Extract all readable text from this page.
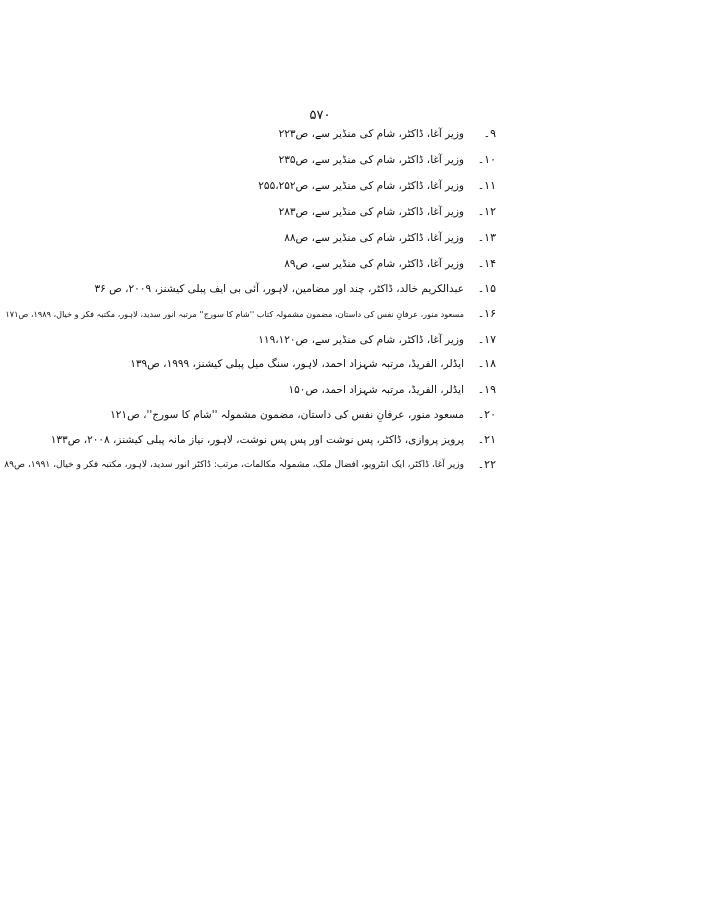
۵۷۰
۹۔
وزیر آغا، ڈاکٹر، شام کی منڈیر سے، ص۲۲۳
۱۰۔
وزیر آغا، ڈاکٹر، شام کی منڈیر سے، ص۲۳۵
۱۱۔
وزیر آغا، ڈاکٹر، شام کی منڈیر سے، ص۲۵۵،۲۵۲
۱۲۔
وزیر آغا، ڈاکٹر، شام کی منڈیر سے، ص۲۸۳
۱۳۔
وزیر آغا، ڈاکٹر، شام کی منڈیر سے، ص۸۸
۱۴۔
وزیر آغا، ڈاکٹر، شام کی منڈیر سے، ص۸۹
۱۵۔
عبدالکریم خالد، ڈاکٹر، چند اور مضامین، لاہور، آئی بی ایف پبلی کیشنز، ۲۰۰۹، ص ۳۶
۱۶۔
مسعود منور، عرفانِ نفس کی داستان، مضمون مشمولہ کتاب ''شام کا سورج'' مرتبہ انور سدید، لاہور، مکتبہ فکر و خیال، ۱۹۸۹، ص۱۷۱
۱۷۔
وزیر آغا، ڈاکٹر، شام کی منڈیر سے، ص۱۱۹،۱۲۰
۱۸۔
ایڈلر، الفریڈ، مرتبہ شہزاد احمد، لاہور، سنگ میل پبلی کیشنز، ۱۹۹۹، ص۱۳۹
۱۹۔
ایڈلر، الفریڈ، مرتبہ شہزاد احمد، ص۱۵۰
۲۰۔
مسعود منور، عرفانِ نفس کی داستان، مضمون مشمولہ ''شام کا سورج''، ص۱۲۱
۲۱۔
پرویز پروازی، ڈاکٹر، پس نوشت اور پس پس نوشت، لاہور، نیاز مانہ پبلی کیشنز، ۲۰۰۸، ص۱۳۳
۲۲۔
وزیر آغا، ڈاکٹر، ایک انٹرویو، افضال ملک، مشمولہ مکالمات، مرتب: ڈاکٹر انور سدید، لاہور، مکتبہ فکر و خیال، ۱۹۹۱، ص۸۹
